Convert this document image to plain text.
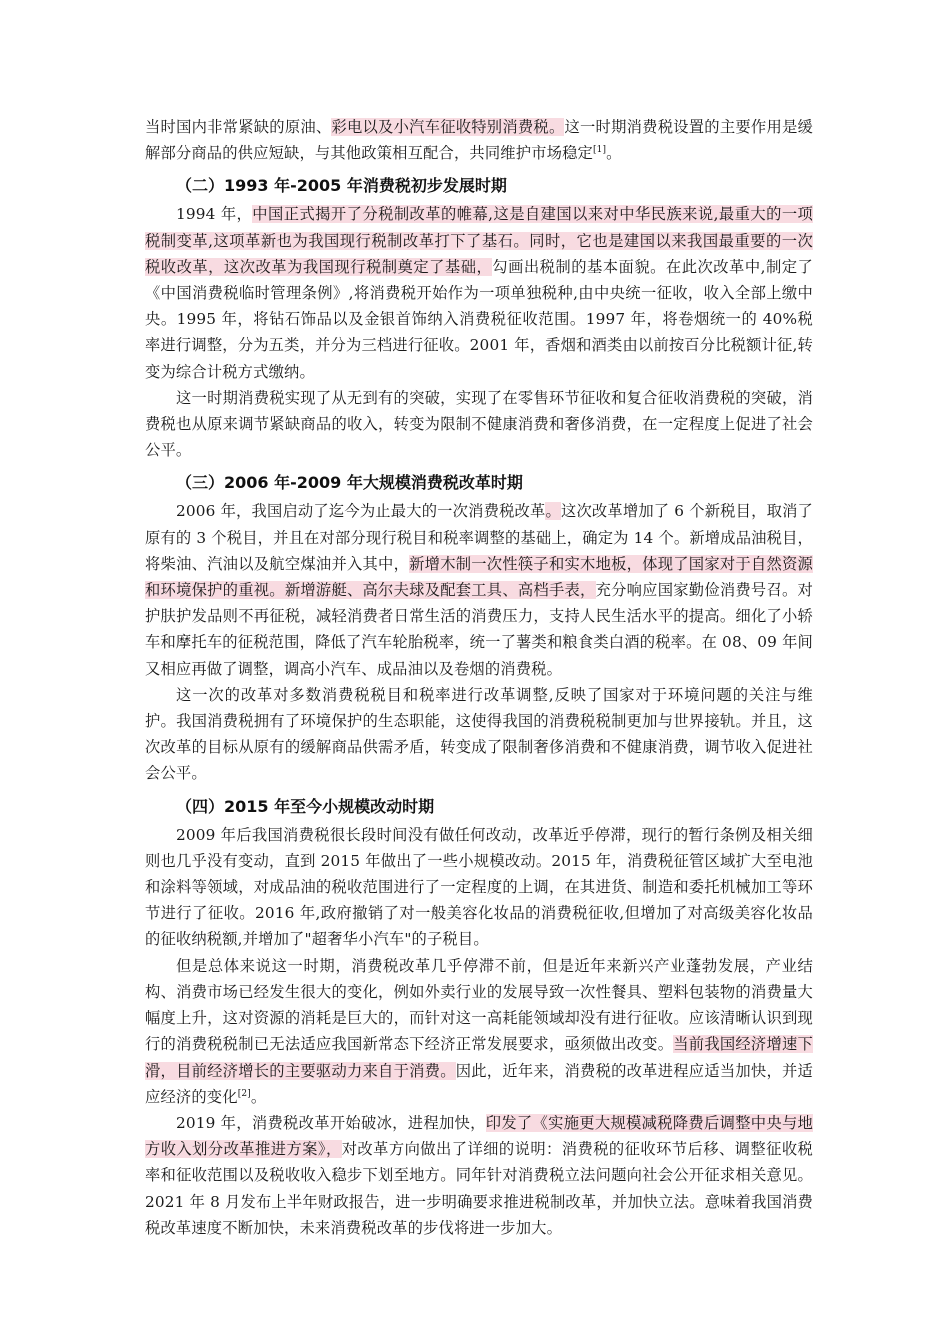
当时国内非常紧缺的原油、彩电以及小汽车征收特别消费税。这一时期消费税设置的主要作用是缓解部分商品的供应短缺，与其他政策相互配合，共同维护市场稳定[1]。

（二）1993 年-2005 年消费税初步发展时期

1994 年，中国正式揭开了分税制改革的帷幕,这是自建国以来对中华民族来说,最重大的一项税制变革,这项革新也为我国现行税制改革打下了基石。同时，它也是建国以来我国最重要的一次税收改革，这次改革为我国现行税制奠定了基础，勾画出税制的基本面貌。在此次改革中,制定了《中国消费税临时管理条例》,将消费税开始作为一项单独税种,由中央统一征收，收入全部上缴中央。1995 年，将钻石饰品以及金银首饰纳入消费税征收范围。1997 年，将卷烟统一的 40%税率进行调整，分为五类，并分为三档进行征收。2001 年，香烟和酒类由以前按百分比税额计征,转变为综合计税方式缴纳。

这一时期消费税实现了从无到有的突破，实现了在零售环节征收和复合征收消费税的突破，消费税也从原来调节紧缺商品的收入，转变为限制不健康消费和奢侈消费，在一定程度上促进了社会公平。

（三）2006 年-2009 年大规模消费税改革时期

2006 年，我国启动了迄今为止最大的一次消费税改革。这次改革增加了 6 个新税目，取消了原有的 3 个税目，并且在对部分现行税目和税率调整的基础上，确定为 14 个。新增成品油税目，将柴油、汽油以及航空煤油并入其中，新增木制一次性筷子和实木地板，体现了国家对于自然资源和环境保护的重视。新增游艇、高尔夫球及配套工具、高档手表，充分响应国家勤俭消费号召。对护肤护发品则不再征税，减轻消费者日常生活的消费压力，支持人民生活水平的提高。细化了小轿车和摩托车的征税范围，降低了汽车轮胎税率，统一了薯类和粮食类白酒的税率。在 08、09 年间又相应再做了调整，调高小汽车、成品油以及卷烟的消费税。

这一次的改革对多数消费税税目和税率进行改革调整,反映了国家对于环境问题的关注与维护。我国消费税拥有了环境保护的生态职能，这使得我国的消费税税制更加与世界接轨。并且，这次改革的目标从原有的缓解商品供需矛盾，转变成了限制奢侈消费和不健康消费，调节收入促进社会公平。

（四）2015 年至今小规模改动时期

2009 年后我国消费税很长段时间没有做任何改动，改革近乎停滞，现行的暂行条例及相关细则也几乎没有变动，直到 2015 年做出了一些小规模改动。2015 年，消费税征管区域扩大至电池和涂料等领域，对成品油的税收范围进行了一定程度的上调，在其进货、制造和委托机械加工等环节进行了征收。2016 年,政府撤销了对一般美容化妆品的消费税征收,但增加了对高级美容化妆品的征收纳税额,并增加了"超奢华小汽车"的子税目。

但是总体来说这一时期，消费税改革几乎停滞不前，但是近年来新兴产业蓬勃发展，产业结构、消费市场已经发生很大的变化，例如外卖行业的发展导致一次性餐具、塑料包装物的消费量大幅度上升，这对资源的消耗是巨大的，而针对这一高耗能领域却没有进行征收。应该清晰认识到现行的消费税税制已无法适应我国新常态下经济正常发展要求，亟须做出改变。当前我国经济增速下滑，目前经济增长的主要驱动力来自于消费。因此，近年来，消费税的改革进程应适当加快，并适应经济的变化[2]。

2019 年，消费税改革开始破冰，进程加快，印发了《实施更大规模减税降费后调整中央与地方收入划分改革推进方案》，对改革方向做出了详细的说明：消费税的征收环节后移、调整征收税率和征收范围以及税收收入稳步下划至地方。同年针对消费税立法问题向社会公开征求相关意见。2021 年 8 月发布上半年财政报告，进一步明确要求推进税制改革，并加快立法。意味着我国消费税改革速度不断加快，未来消费税改革的步伐将进一步加大。
